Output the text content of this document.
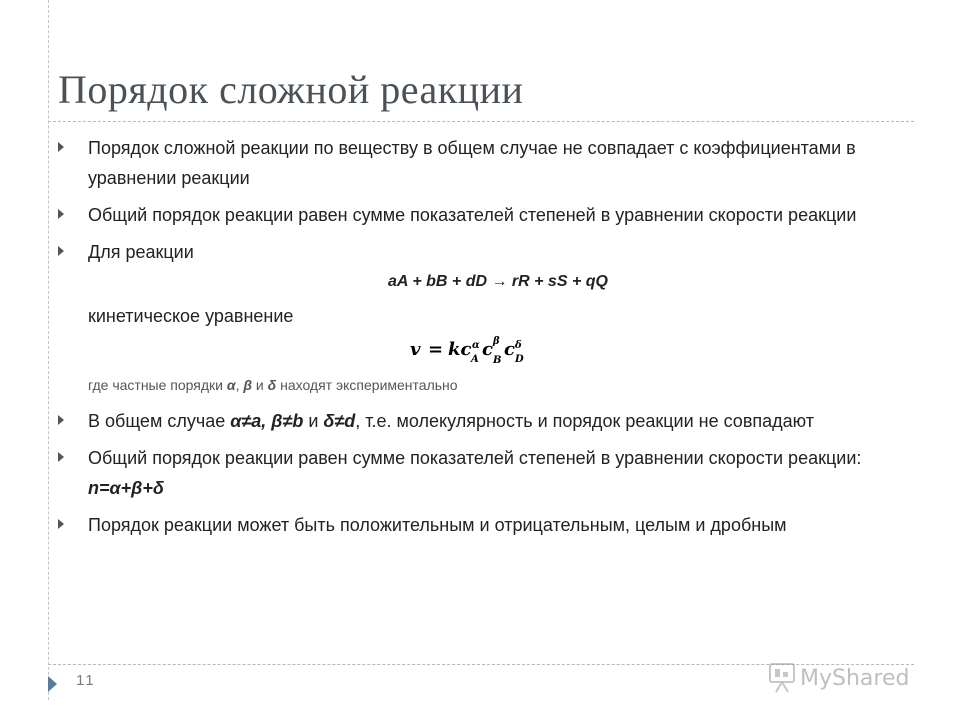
Порядок сложной реакции
Порядок сложной реакции по веществу в общем случае не совпадает с коэффициентами в уравнении реакции
Общий порядок реакции равен сумме показателей степеней в уравнении скорости реакции
Для реакции
aA + bB + dD → rR + sS + qQ
кинетическое уравнение
v = kc α
A c β
B
c δ
D
где частные порядки α, β и δ находят экспериментально
В общем случае α≠a, β≠b и δ≠d, т.е. молекулярность и порядок реакции не совпадают
Общий порядок реакции равен сумме показателей степеней в уравнении скорости реакции: n=α+β+δ
Порядок реакции может быть положительным и отрицательным, целым и дробным
11	MyShared
